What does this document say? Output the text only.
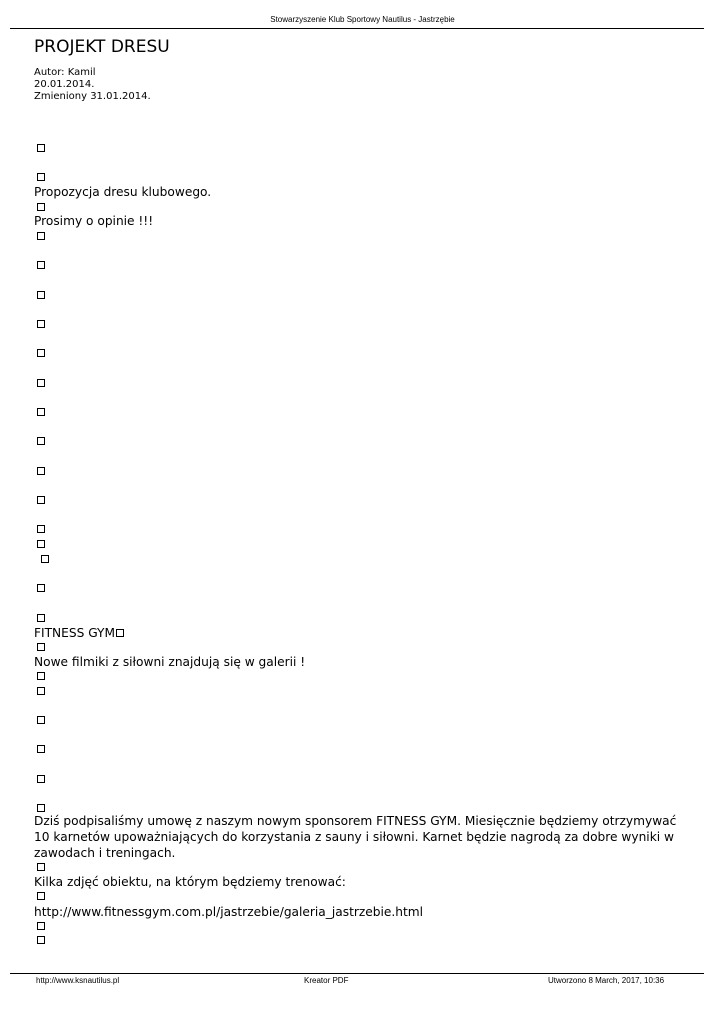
Stowarzyszenie Klub Sportowy Nautilus - Jastrzębie
PROJEKT DRESU
Autor: Kamil
20.01.2014.
Zmieniony 31.01.2014.
Propozycja dresu klubowego.
Prosimy o opinie !!!
FITNESS GYM
Nowe filmiki z siłowni znajdują się w galerii !
Dziś podpisaliśmy umowę z naszym nowym sponsorem FITNESS GYM. Miesięcznie będziemy otrzymywać 10 karnetów upoważniających do korzystania z sauny i siłowni. Karnet będzie nagrodą za dobre wyniki w zawodach i treningach.
Kilka zdjęć obiektu, na którym będziemy trenować:
http://www.fitnessgym.com.pl/jastrzebie/galeria_jastrzebie.html
http://www.ksnautilus.pl	Kreator PDF	Utworzono 8 March, 2017, 10:36
